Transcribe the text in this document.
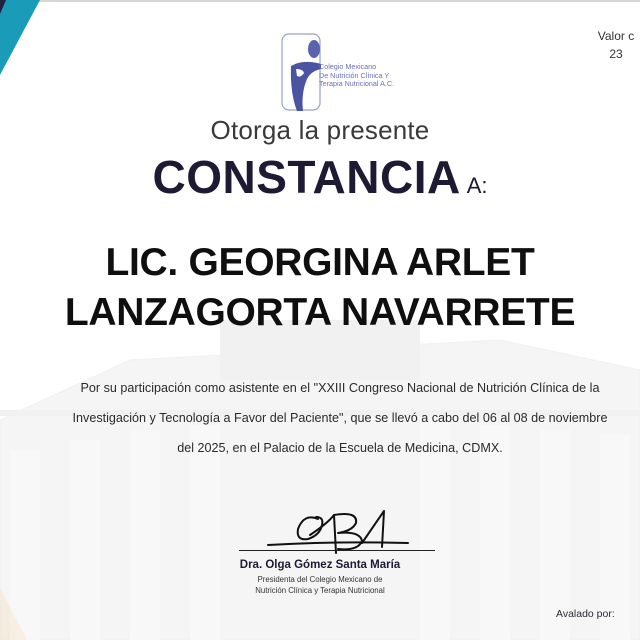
Valor c
23
Colegio Mexicano
De Nutrición Clínica Y
Terapia Nutricional A.C.
Otorga la presente
CONSTANCIA A:
LIC. GEORGINA ARLET
LANZAGORTA NAVARRETE
Por su participación como asistente en el "XXIII Congreso Nacional de Nutrición Clínica de la
Investigación y Tecnología a Favor del Paciente", que se llevó a cabo del 06 al 08 de noviembre
del 2025, en el Palacio de la Escuela de Medicina, CDMX.
Dra. Olga Gómez Santa María
Presidenta del Colegio Mexicano de
Nutrición Clínica y Terapia Nutricional
Avalado por:
